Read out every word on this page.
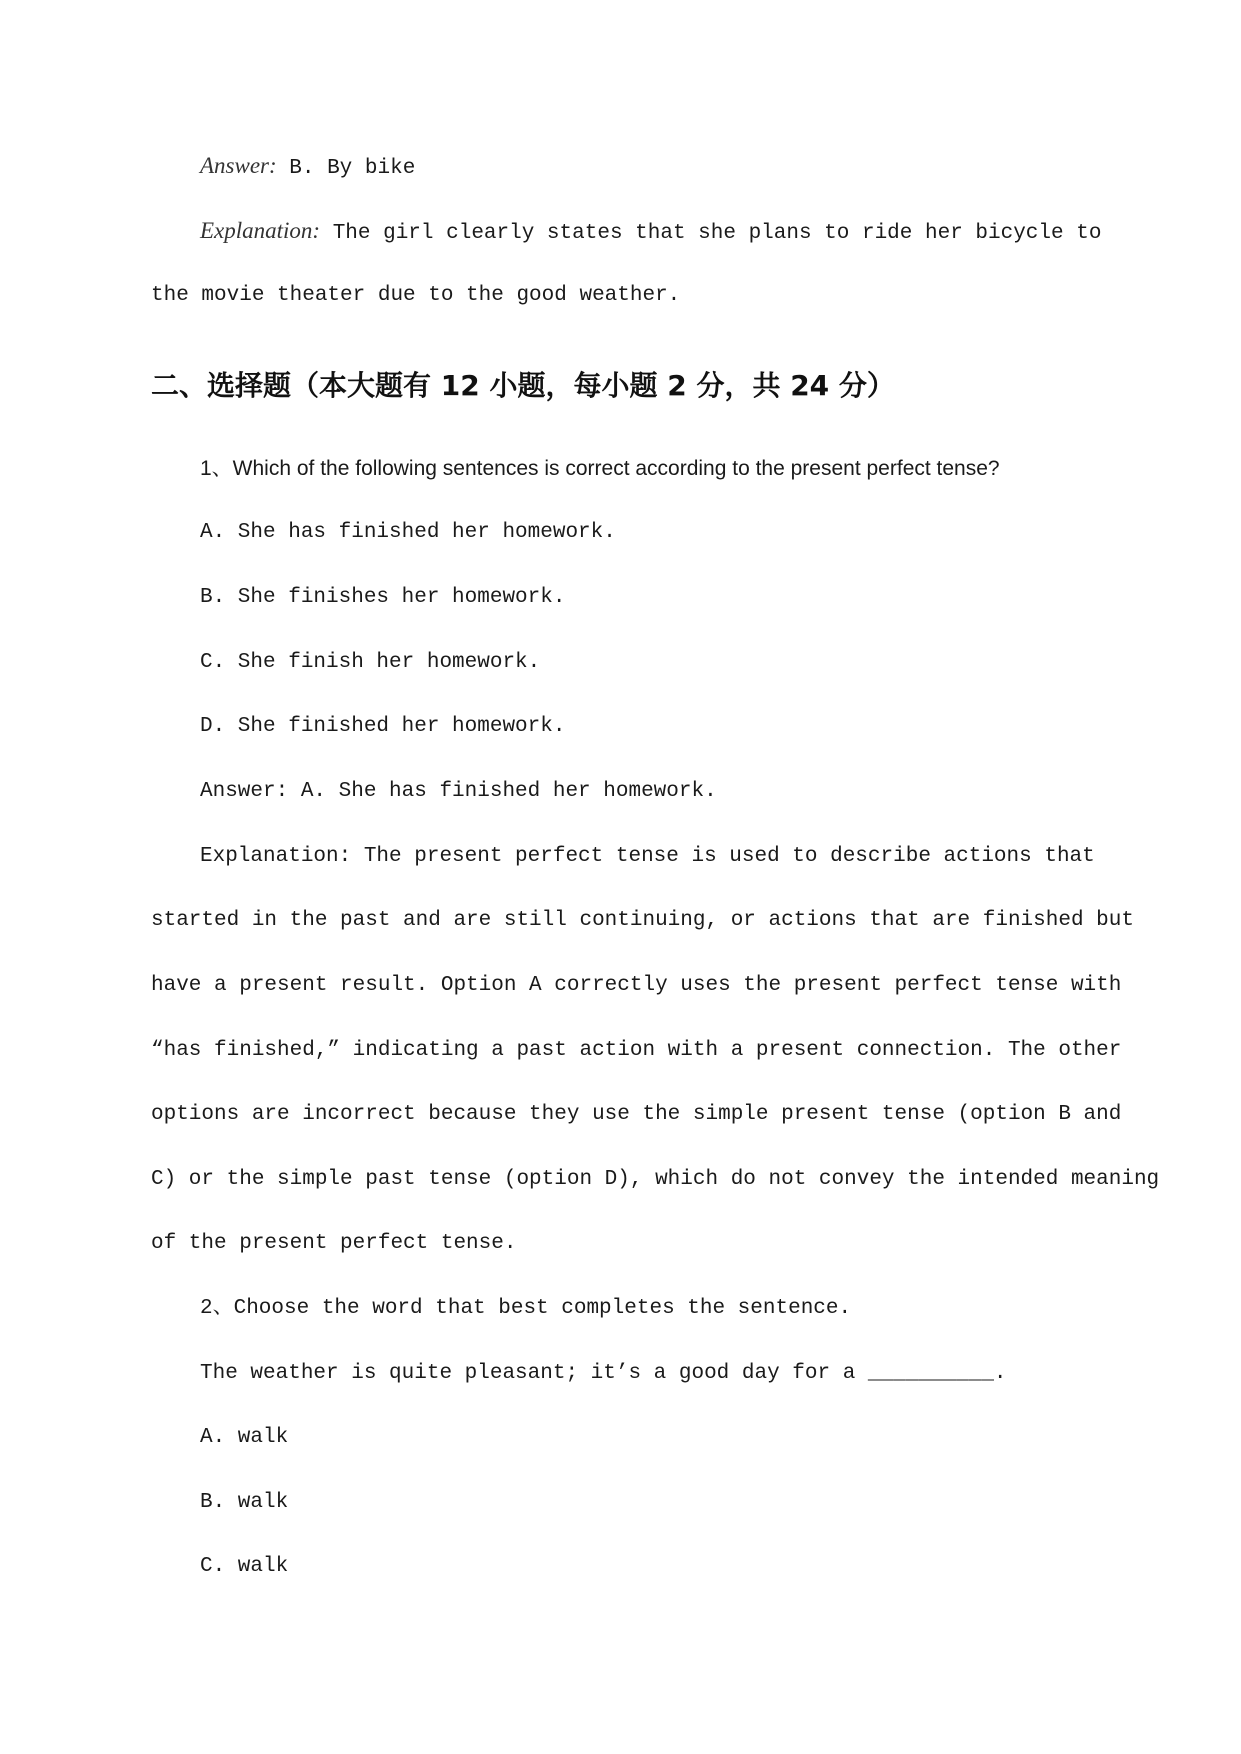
Answer: B. By bike
Explanation: The girl clearly states that she plans to ride her bicycle to
the movie theater due to the good weather.
二、选择题（本大题有 12 小题，每小题 2 分，共 24 分）
1、Which of the following sentences is correct according to the present perfect tense?
A. She has finished her homework.
B. She finishes her homework.
C. She finish her homework.
D. She finished her homework.
Answer: A. She has finished her homework.
Explanation: The present perfect tense is used to describe actions that
started in the past and are still continuing, or actions that are finished but
have a present result. Option A correctly uses the present perfect tense with
“has finished,” indicating a past action with a present connection. The other
options are incorrect because they use the simple present tense (option B and
C) or the simple past tense (option D), which do not convey the intended meaning
of the present perfect tense.
2、Choose the word that best completes the sentence.
The weather is quite pleasant; it’s a good day for a __________.
A. walk
B. walk
C. walk
